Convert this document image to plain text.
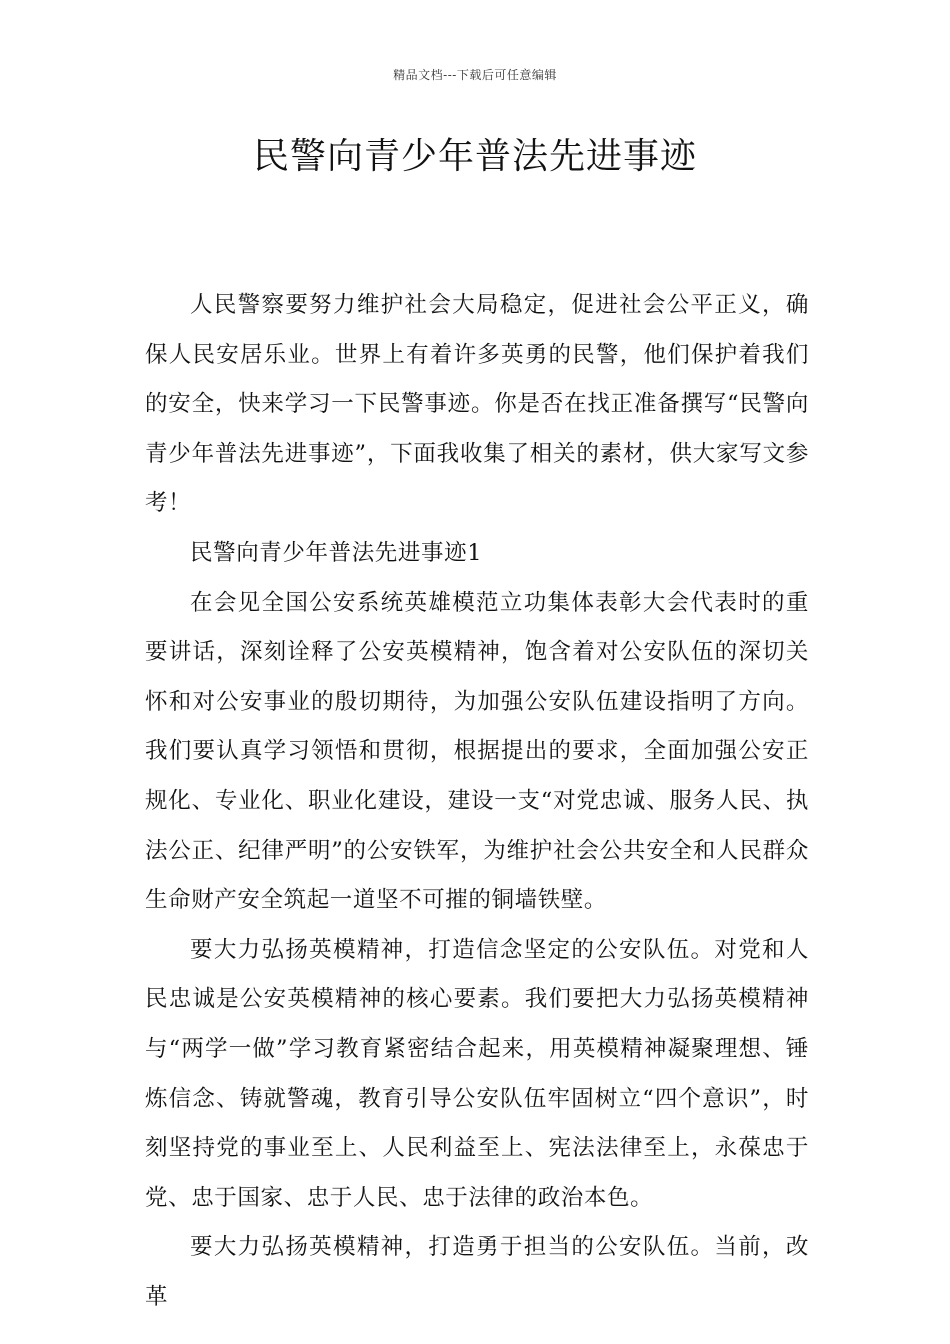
精品文档---下载后可任意编辑
民警向青少年普法先进事迹

人民警察要努力维护社会大局稳定，促进社会公平正义，确保人民安居乐业。世界上有着许多英勇的民警，他们保护着我们的安全，快来学习一下民警事迹。你是否在找正准备撰写“民警向青少年普法先进事迹”，下面我收集了相关的素材，供大家写文参考！

民警向青少年普法先进事迹1

在会见全国公安系统英雄模范立功集体表彰大会代表时的重要讲话，深刻诠释了公安英模精神，饱含着对公安队伍的深切关怀和对公安事业的殷切期待，为加强公安队伍建设指明了方向。我们要认真学习领悟和贯彻，根据提出的要求，全面加强公安正规化、专业化、职业化建设，建设一支“对党忠诚、服务人民、执法公正、纪律严明”的公安铁军，为维护社会公共安全和人民群众生命财产安全筑起一道坚不可摧的铜墙铁壁。

要大力弘扬英模精神，打造信念坚定的公安队伍。对党和人民忠诚是公安英模精神的核心要素。我们要把大力弘扬英模精神与“两学一做”学习教育紧密结合起来，用英模精神凝聚理想、锤炼信念、铸就警魂，教育引导公安队伍牢固树立“四个意识”，时刻坚持党的事业至上、人民利益至上、宪法法律至上，永葆忠于党、忠于国家、忠于人民、忠于法律的政治本色。

要大力弘扬英模精神，打造勇于担当的公安队伍。当前，改革
